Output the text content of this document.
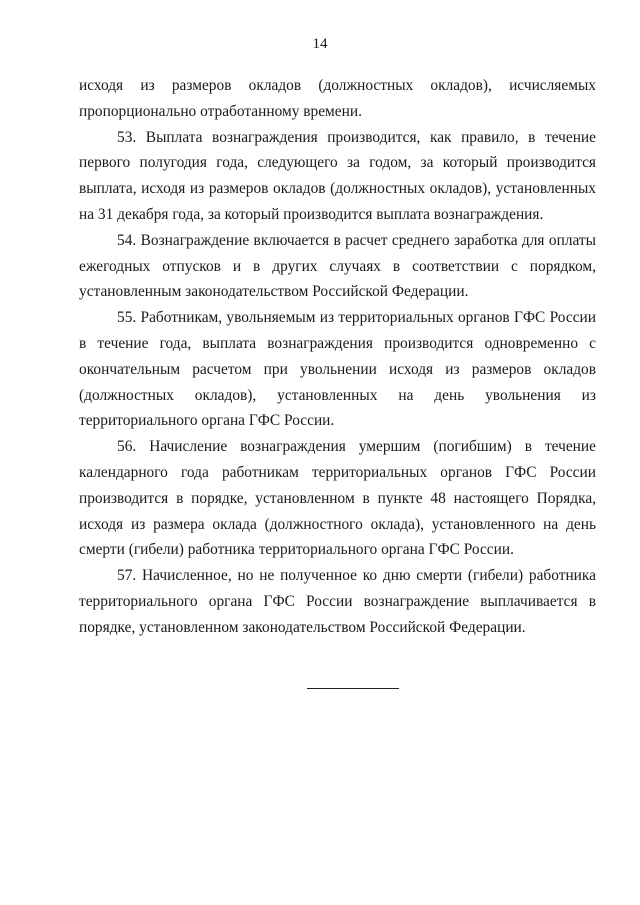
14

исходя из размеров окладов (должностных окладов), исчисляемых пропорционально отработанному времени.

53. Выплата вознаграждения производится, как правило, в течение первого полугодия года, следующего за годом, за который производится выплата, исходя из размеров окладов (должностных окладов), установленных на 31 декабря года, за который производится выплата вознаграждения.

54. Вознаграждение включается в расчет среднего заработка для оплаты ежегодных отпусков и в других случаях в соответствии с порядком, установленным законодательством Российской Федерации.

55. Работникам, увольняемым из территориальных органов ГФС России в течение года, выплата вознаграждения производится одновременно с окончательным расчетом при увольнении исходя из размеров окладов (должностных окладов), установленных на день увольнения из территориального органа ГФС России.

56. Начисление вознаграждения умершим (погибшим) в течение календарного года работникам территориальных органов ГФС России производится в порядке, установленном в пункте 48 настоящего Порядка, исходя из размера оклада (должностного оклада), установленного на день смерти (гибели) работника территориального органа ГФС России.

57. Начисленное, но не полученное ко дню смерти (гибели) работника территориального органа ГФС России вознаграждение выплачивается в порядке, установленном законодательством Российской Федерации.
